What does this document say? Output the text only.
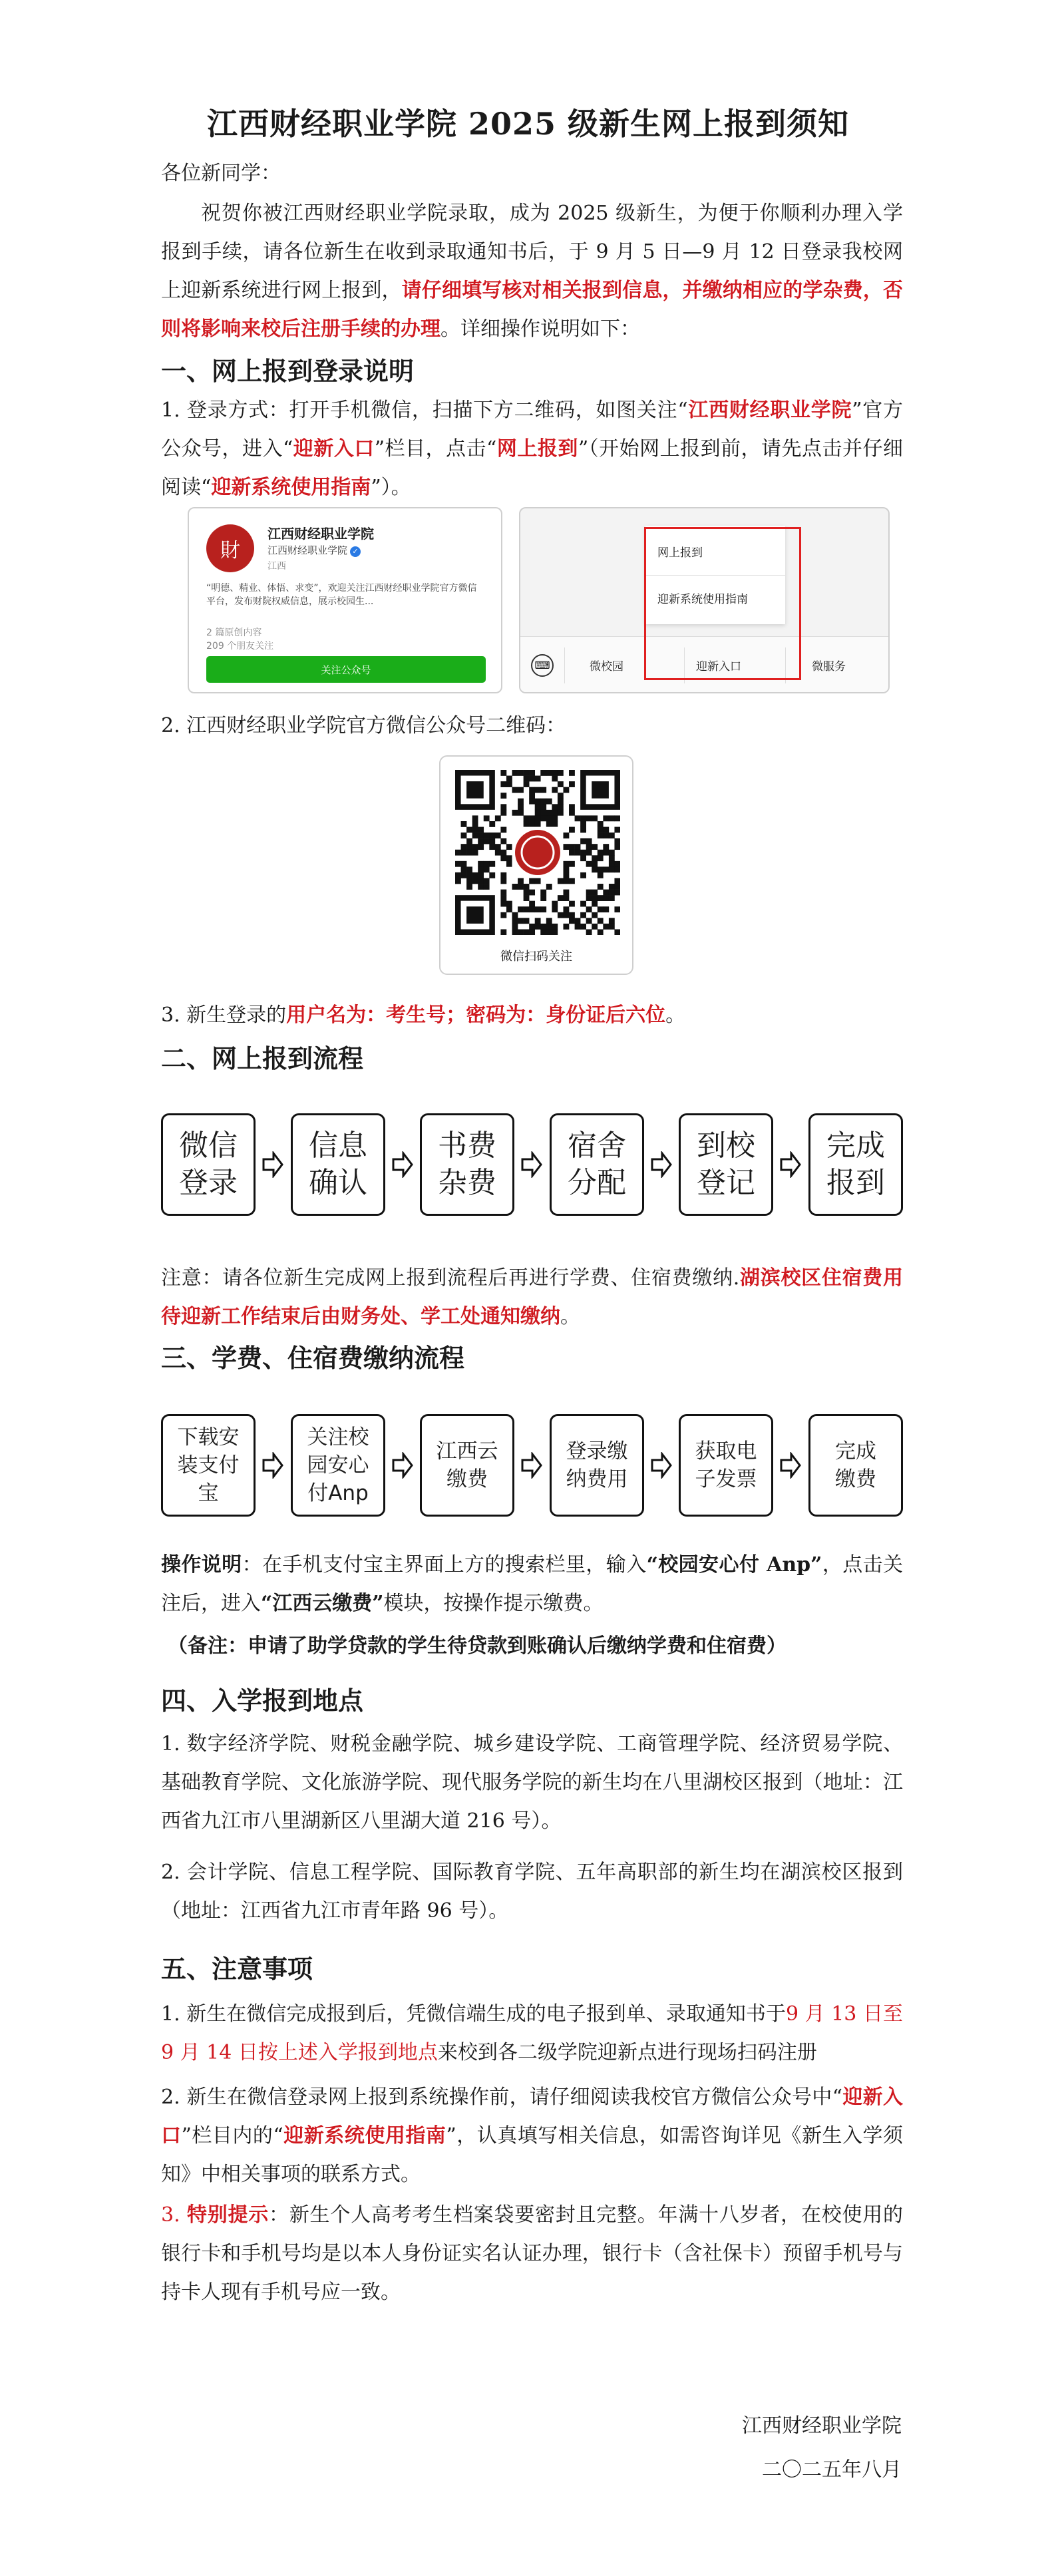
江西财经职业学院 2025 级新生网上报到须知
各位新同学：
祝贺你被江西财经职业学院录取，成为 2025 级新生，为便于你顺利办理入学报到手续，请各位新生在收到录取通知书后，于 9 月 5 日—9 月 12 日登录我校网上迎新系统进行网上报到，请仔细填写核对相关报到信息，并缴纳相应的学杂费，否则将影响来校后注册手续的办理。详细操作说明如下：
一、网上报到登录说明
1. 登录方式：打开手机微信，扫描下方二维码，如图关注“江西财经职业学院”官方公众号，进入“迎新入口”栏目，点击“网上报到”（开始网上报到前，请先点击并仔细阅读“迎新系统使用指南”）。
財
江西财经职业学院
江西财经职业学院 ✓
江西
“明德、精业、体悟、求变”，欢迎关注江西财经职业学院官方微信平台，发布财院权威信息，展示校园生...
2 篇原创内容
209 个朋友关注
关注公众号
网上报到
迎新系统使用指南
⌨	微校园	迎新入口	微服务
2. 江西财经职业学院官方微信公众号二维码：
微信扫码关注
3. 新生登录的用户名为：考生号；密码为：身份证后六位。
二、网上报到流程
微信
登录
信息
确认
书费
杂费
宿舍
分配
到校
登记
完成
报到
注意：请各位新生完成网上报到流程后再进行学费、住宿费缴纳.湖滨校区住宿费用待迎新工作结束后由财务处、学工处通知缴纳。
三、学费、住宿费缴纳流程
下载安
装支付
宝
关注校
园安心
付Anp
江西云
缴费
登录缴
纳费用
获取电
子发票
完成
缴费
操作说明：在手机支付宝主界面上方的搜索栏里，输入“校园安心付 Anp”，点击关注后，进入“江西云缴费”模块，按操作提示缴费。
（备注：申请了助学贷款的学生待贷款到账确认后缴纳学费和住宿费）
四、入学报到地点
1. 数字经济学院、财税金融学院、城乡建设学院、工商管理学院、经济贸易学院、基础教育学院、文化旅游学院、现代服务学院的新生均在八里湖校区报到（地址：江西省九江市八里湖新区八里湖大道 216 号）。
2. 会计学院、信息工程学院、国际教育学院、五年高职部的新生均在湖滨校区报到（地址：江西省九江市青年路 96 号）。
五、注意事项
1. 新生在微信完成报到后，凭微信端生成的电子报到单、录取通知书于9 月 13 日至 9 月 14 日按上述入学报到地点来校到各二级学院迎新点进行现场扫码注册
2. 新生在微信登录网上报到系统操作前，请仔细阅读我校官方微信公众号中“迎新入口”栏目内的“迎新系统使用指南”，认真填写相关信息，如需咨询详见《新生入学须知》中相关事项的联系方式。
3. 特别提示：新生个人高考考生档案袋要密封且完整。年满十八岁者，在校使用的银行卡和手机号均是以本人身份证实名认证办理，银行卡（含社保卡）预留手机号与持卡人现有手机号应一致。
江西财经职业学院
二〇二五年八月
